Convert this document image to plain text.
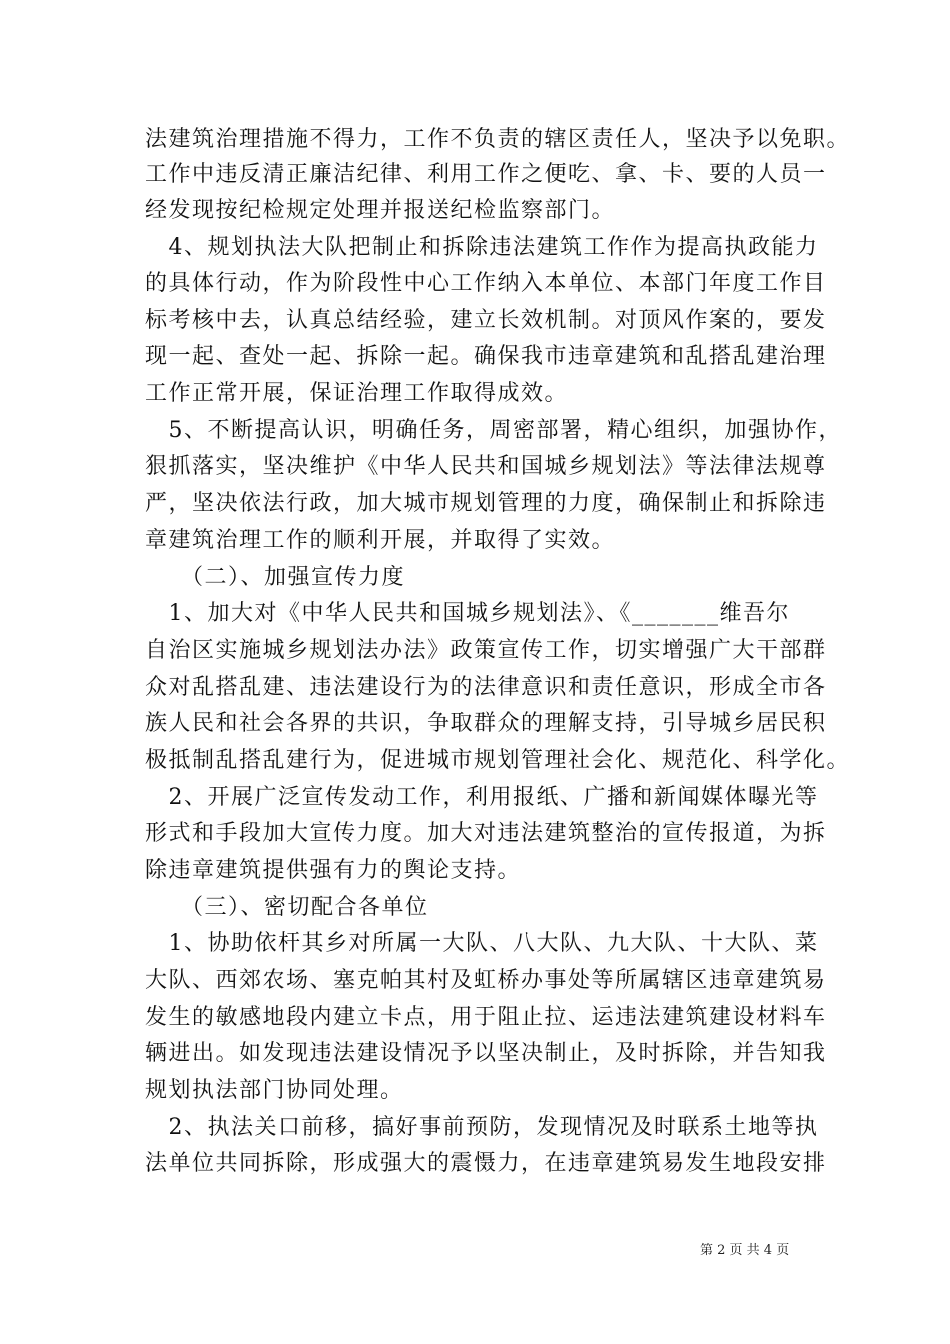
法建筑治理措施不得力，工作不负责的辖区责任人，坚决予以免职。
工作中违反清正廉洁纪律、利用工作之便吃、拿、卡、要的人员一
经发现按纪检规定处理并报送纪检监察部门。
　4、规划执法大队把制止和拆除违法建筑工作作为提高执政能力
的具体行动，作为阶段性中心工作纳入本单位、本部门年度工作目
标考核中去，认真总结经验，建立长效机制。对顶风作案的，要发
现一起、查处一起、拆除一起。确保我市违章建筑和乱搭乱建治理
工作正常开展，保证治理工作取得成效。
　5、不断提高认识，明确任务，周密部署，精心组织，加强协作，
狠抓落实，坚决维护《中华人民共和国城乡规划法》等法律法规尊
严，坚决依法行政，加大城市规划管理的力度，确保制止和拆除违
章建筑治理工作的顺利开展，并取得了实效。
　　（二）、加强宣传力度
　1、加大对《中华人民共和国城乡规划法》、《_______维吾尔
自治区实施城乡规划法办法》政策宣传工作，切实增强广大干部群
众对乱搭乱建、违法建设行为的法律意识和责任意识，形成全市各
族人民和社会各界的共识，争取群众的理解支持，引导城乡居民积
极抵制乱搭乱建行为，促进城市规划管理社会化、规范化、科学化。
　2、开展广泛宣传发动工作，利用报纸、广播和新闻媒体曝光等
形式和手段加大宣传力度。加大对违法建筑整治的宣传报道，为拆
除违章建筑提供强有力的舆论支持。
　　（三）、密切配合各单位
　1、协助依杆其乡对所属一大队、八大队、九大队、十大队、菜
大队、西郊农场、塞克帕其村及虹桥办事处等所属辖区违章建筑易
发生的敏感地段内建立卡点，用于阻止拉、运违法建筑建设材料车
辆进出。如发现违法建设情况予以坚决制止，及时拆除，并告知我
规划执法部门协同处理。
　2、执法关口前移，搞好事前预防，发现情况及时联系土地等执
法单位共同拆除，形成强大的震慑力，在违章建筑易发生地段安排
第 2 页 共 4 页
